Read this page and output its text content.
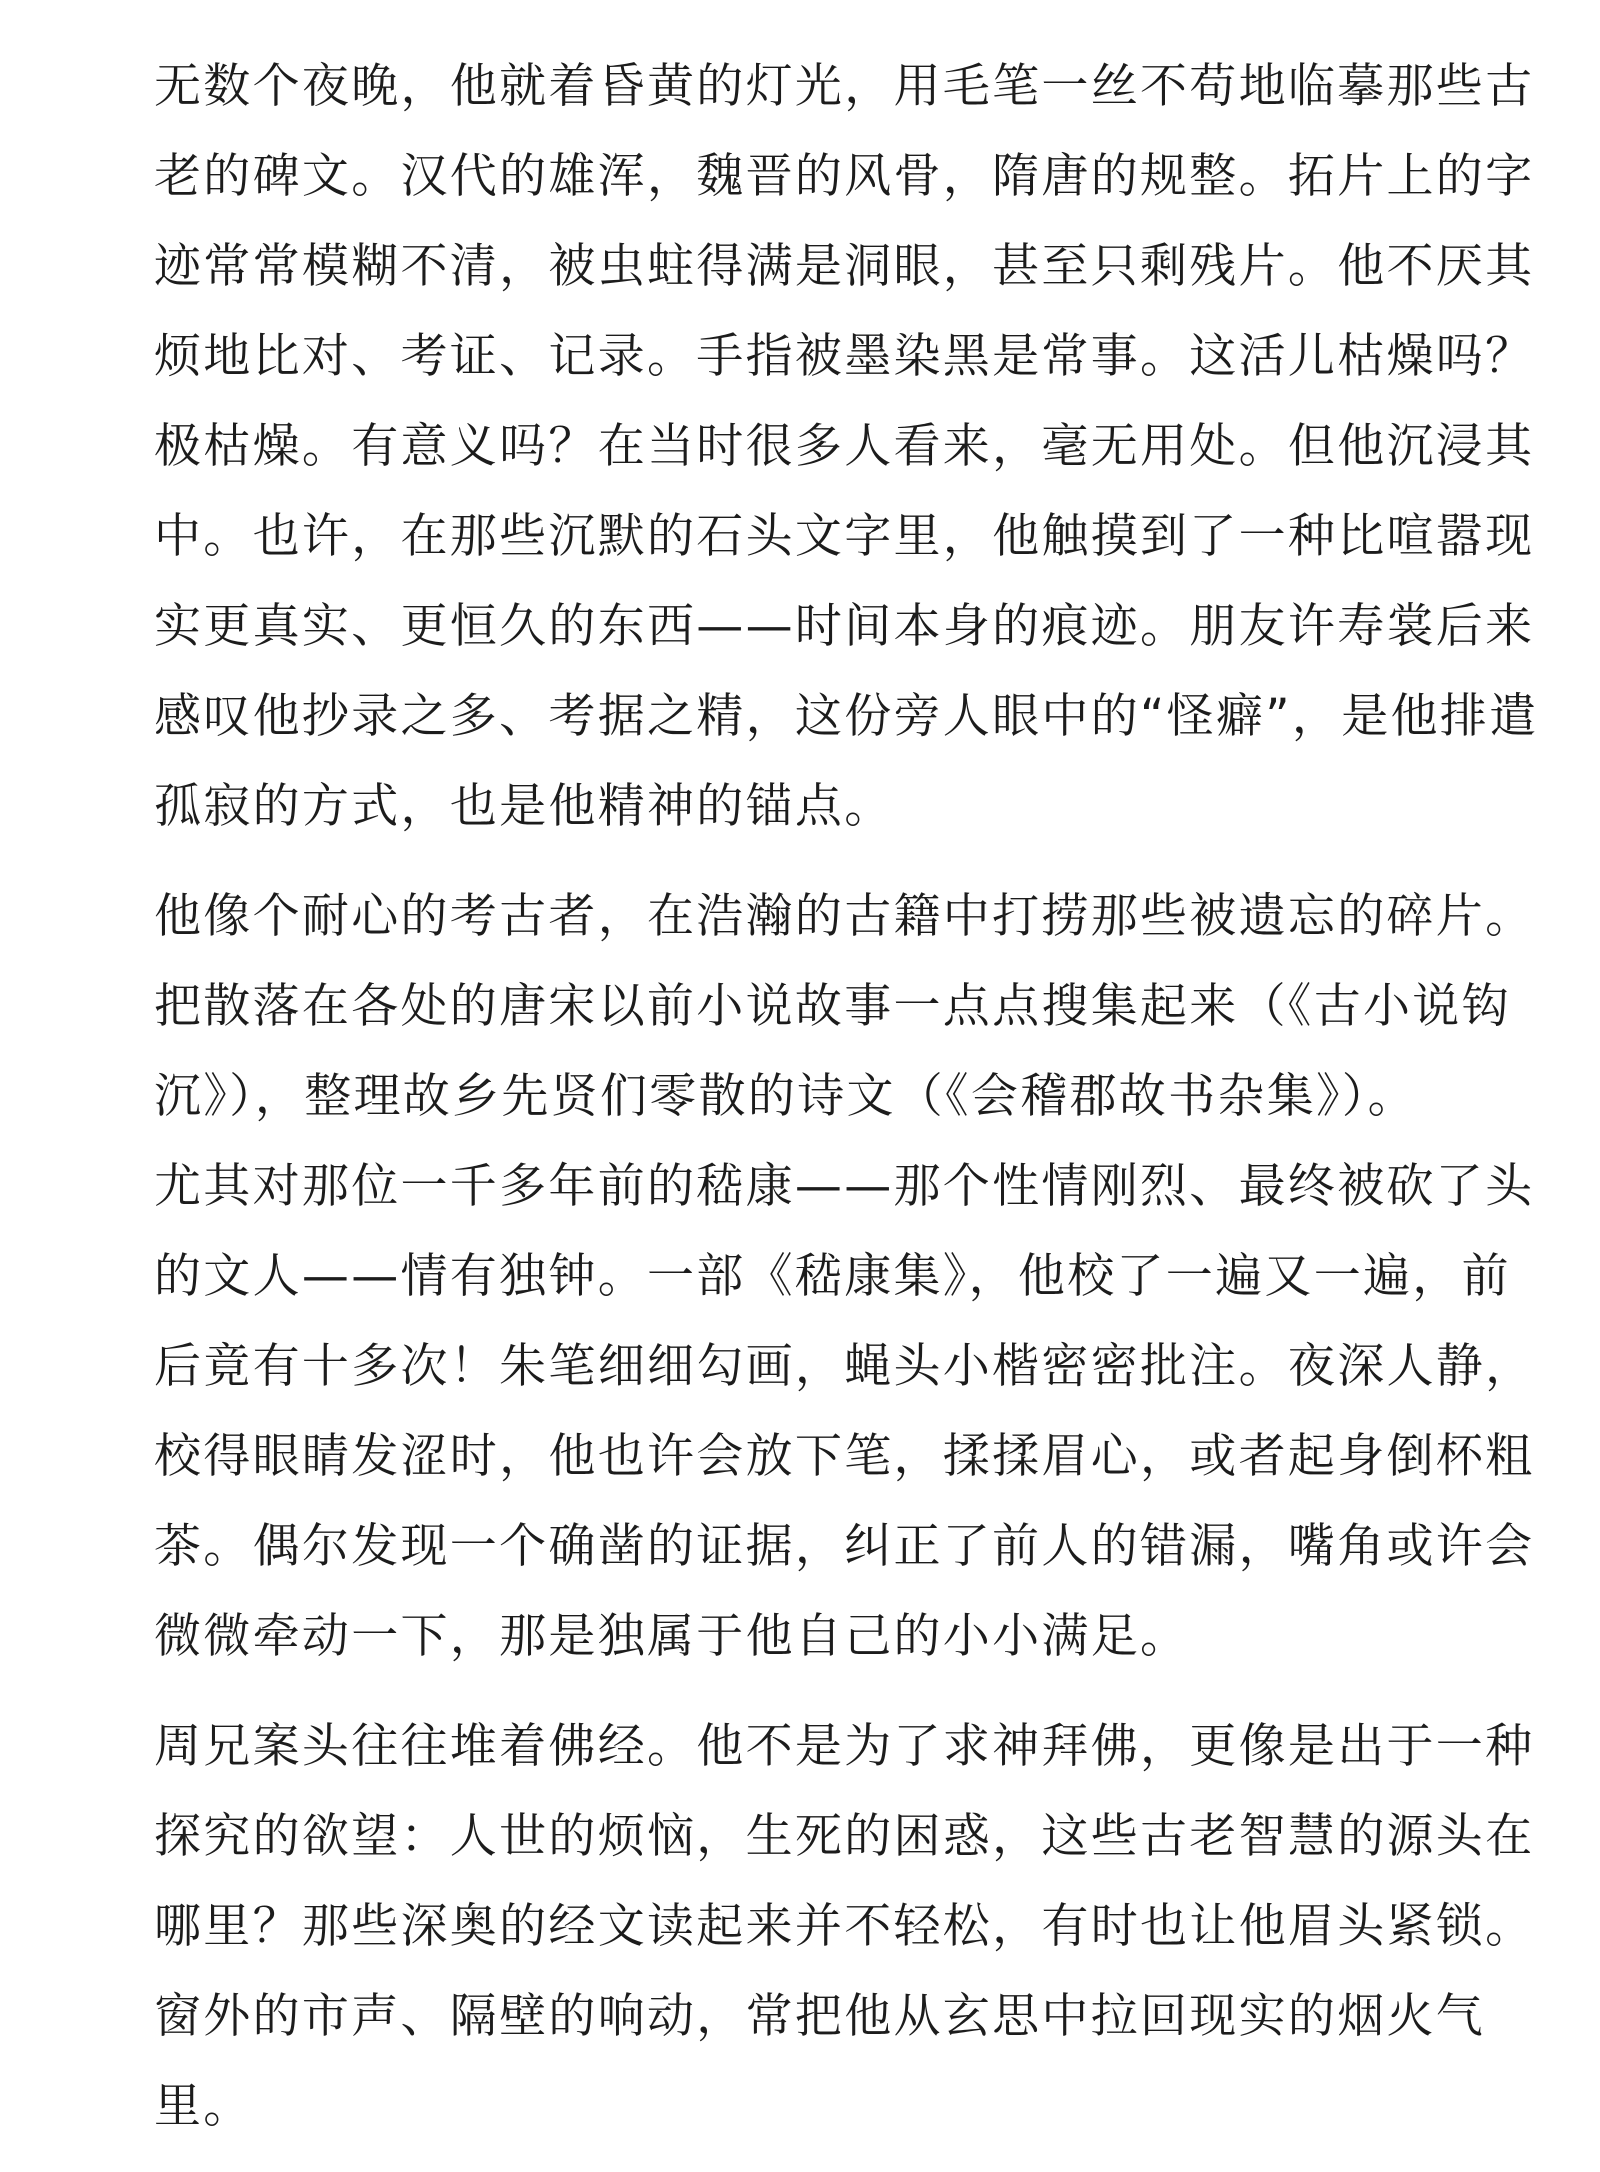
无数个夜晚，他就着昏黄的灯光，用毛笔一丝不苟地临摹那些古
老的碑文。汉代的雄浑，魏晋的风骨，隋唐的规整。拓片上的字
迹常常模糊不清，被虫蛀得满是洞眼，甚至只剩残片。他不厌其
烦地比对、考证、记录。手指被墨染黑是常事。这活儿枯燥吗？
极枯燥。有意义吗？在当时很多人看来，毫无用处。但他沉浸其
中。也许，在那些沉默的石头文字里，他触摸到了一种比喧嚣现
实更真实、更恒久的东西——时间本身的痕迹。朋友许寿裳后来
感叹他抄录之多、考据之精，这份旁人眼中的“怪癖”，是他排遣
孤寂的方式，也是他精神的锚点。
他像个耐心的考古者，在浩瀚的古籍中打捞那些被遗忘的碎片。
把散落在各处的唐宋以前小说故事一点点搜集起来（《古小说钩
沉》），整理故乡先贤们零散的诗文（《会稽郡故书杂集》）。
尤其对那位一千多年前的嵇康——那个性情刚烈、最终被砍了头
的文人——情有独钟。一部《嵇康集》，他校了一遍又一遍，前
后竟有十多次！朱笔细细勾画，蝇头小楷密密批注。夜深人静，
校得眼睛发涩时，他也许会放下笔，揉揉眉心，或者起身倒杯粗
茶。偶尔发现一个确凿的证据，纠正了前人的错漏，嘴角或许会
微微牵动一下，那是独属于他自己的小小满足。
周兄案头往往堆着佛经。他不是为了求神拜佛，更像是出于一种
探究的欲望：人世的烦恼，生死的困惑，这些古老智慧的源头在
哪里？那些深奥的经文读起来并不轻松，有时也让他眉头紧锁。
窗外的市声、隔壁的响动，常把他从玄思中拉回现实的烟火气
里。
